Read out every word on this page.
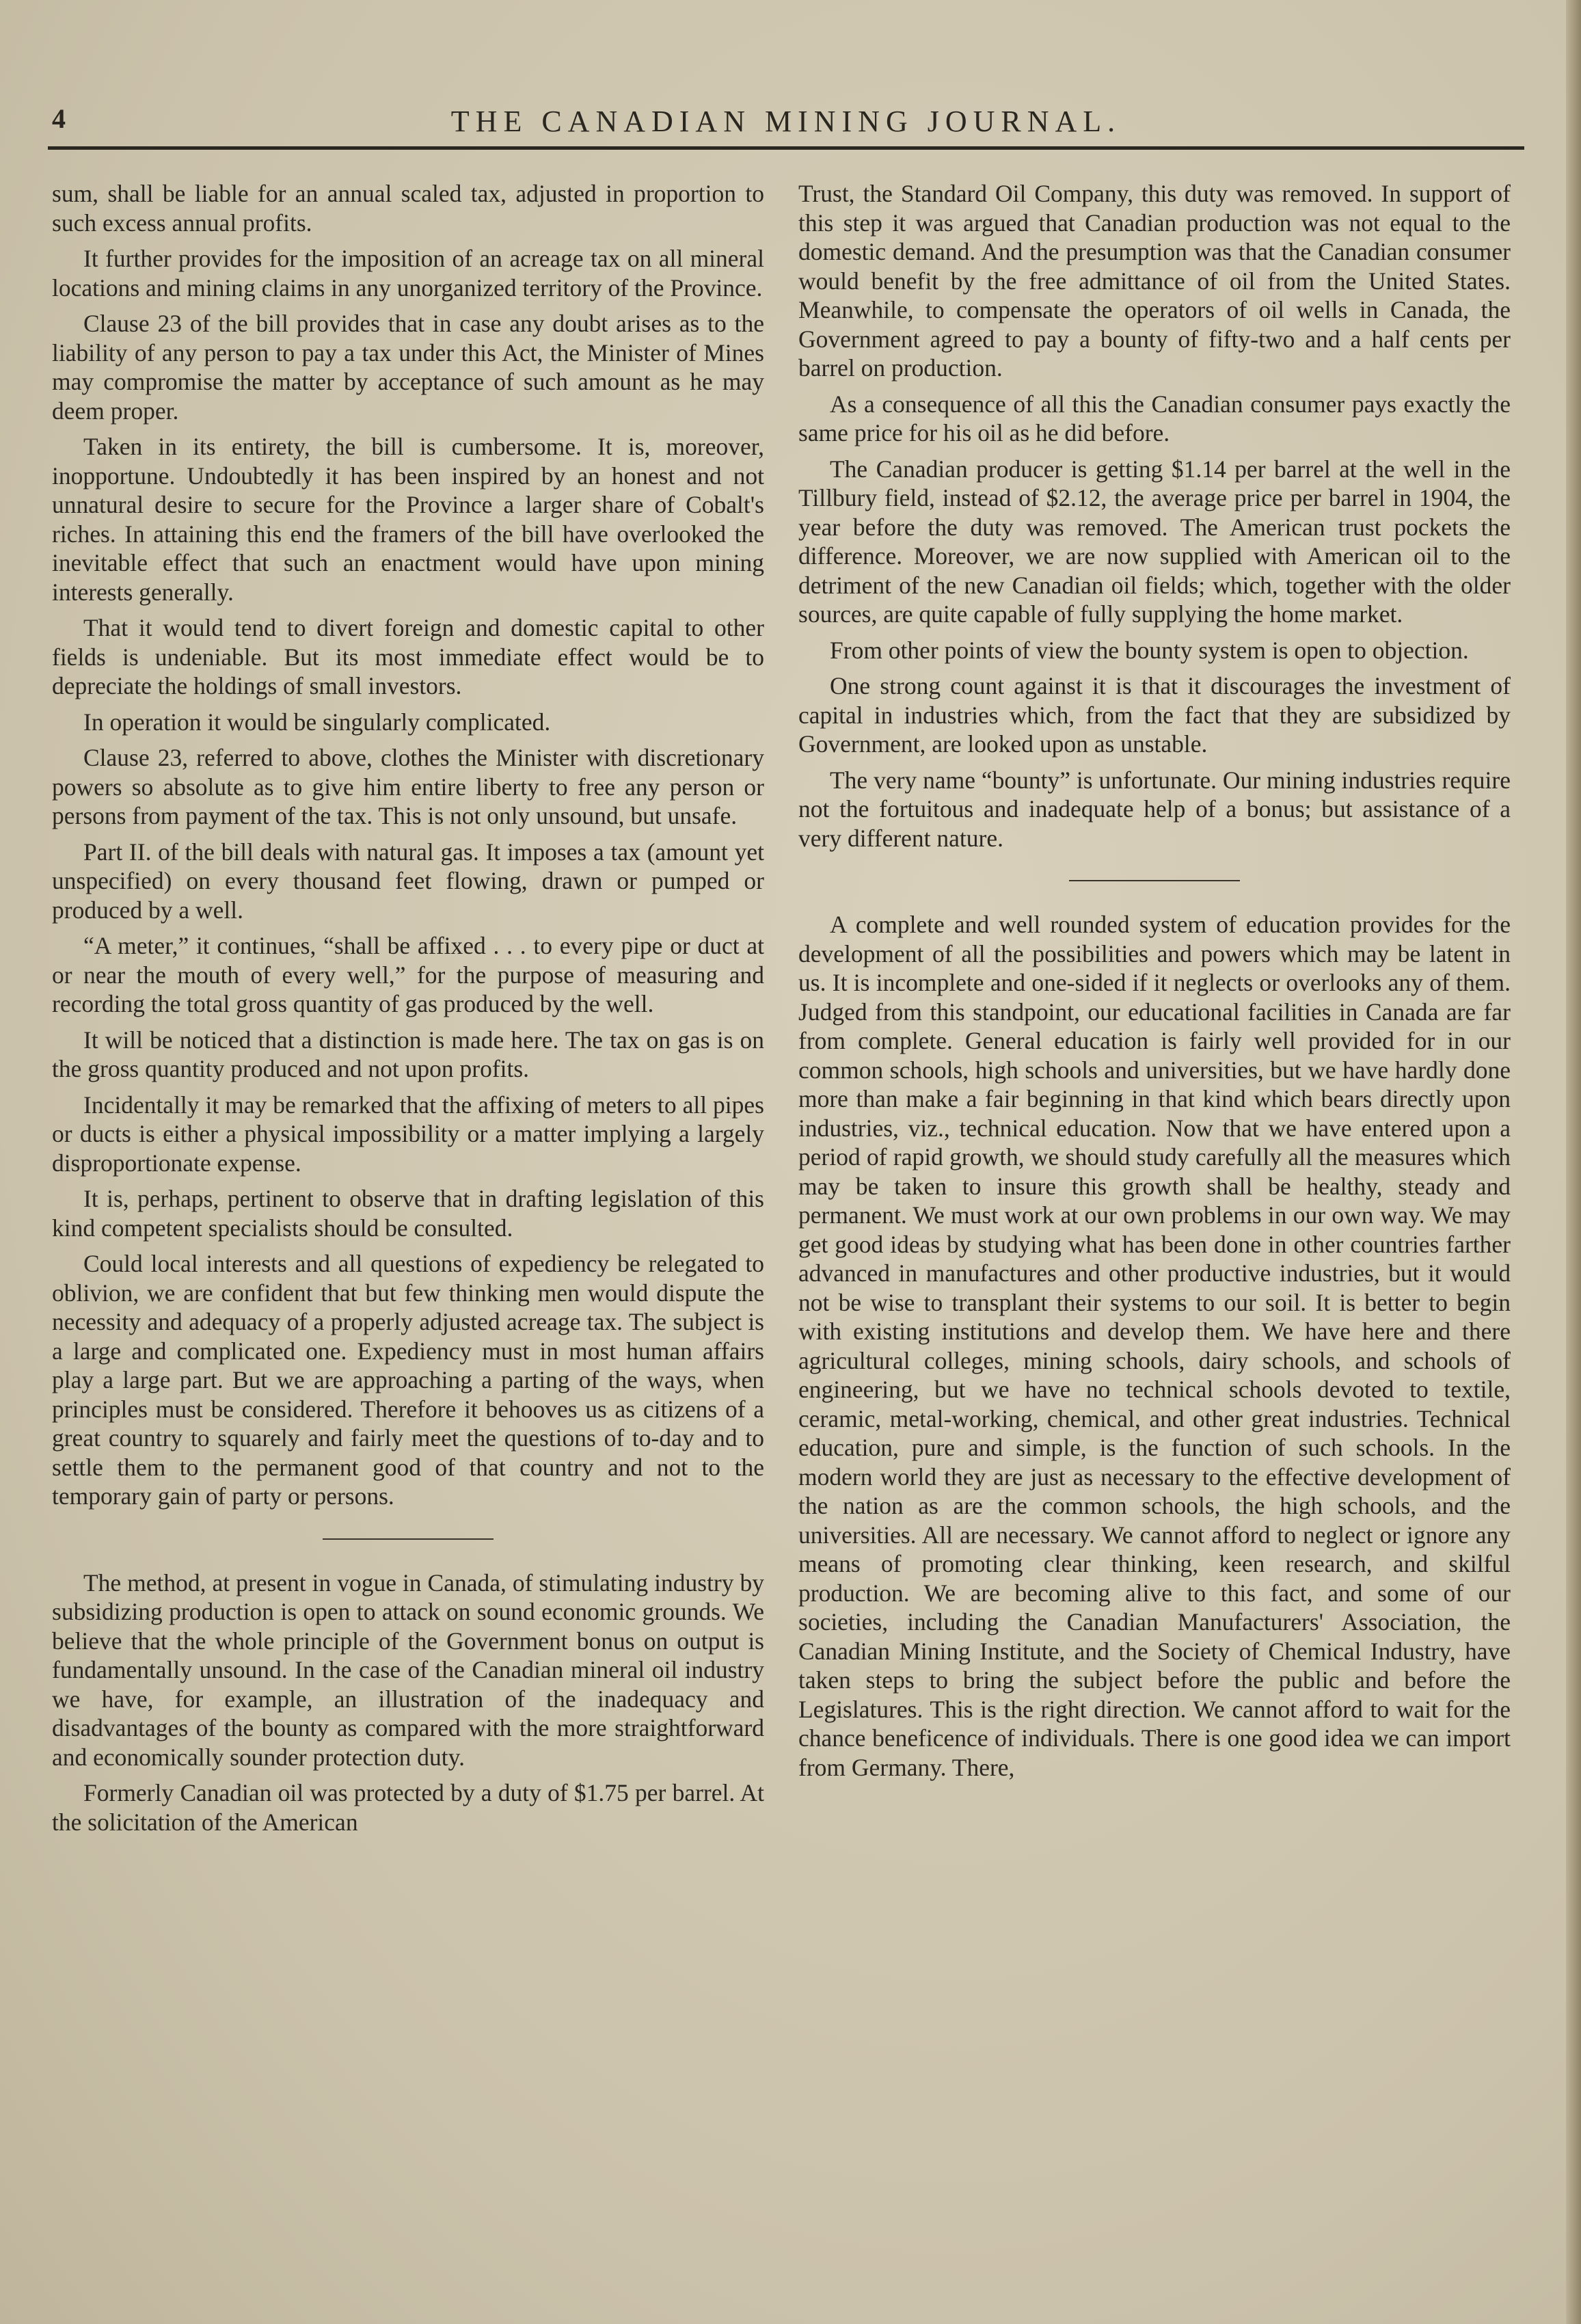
4	THE CANADIAN MINING JOURNAL.

sum, shall be liable for an annual scaled tax, adjusted in proportion to such excess annual profits.

It further provides for the imposition of an acreage tax on all mineral locations and mining claims in any unorganized territory of the Province.

Clause 23 of the bill provides that in case any doubt arises as to the liability of any person to pay a tax under this Act, the Minister of Mines may compromise the matter by acceptance of such amount as he may deem proper.

Taken in its entirety, the bill is cumbersome. It is, moreover, inopportune. Undoubtedly it has been inspired by an honest and not unnatural desire to secure for the Province a larger share of Cobalt's riches. In attaining this end the framers of the bill have overlooked the inevitable effect that such an enactment would have upon mining interests generally.

That it would tend to divert foreign and domestic capital to other fields is undeniable. But its most immediate effect would be to depreciate the holdings of small investors.

In operation it would be singularly complicated.

Clause 23, referred to above, clothes the Minister with discretionary powers so absolute as to give him entire liberty to free any person or persons from payment of the tax. This is not only unsound, but unsafe.

Part II. of the bill deals with natural gas. It imposes a tax (amount yet unspecified) on every thousand feet flowing, drawn or pumped or produced by a well.

“A meter,” it continues, “shall be affixed . . . to every pipe or duct at or near the mouth of every well,” for the purpose of measuring and recording the total gross quantity of gas produced by the well.

It will be noticed that a distinction is made here. The tax on gas is on the gross quantity produced and not upon profits.

Incidentally it may be remarked that the affixing of meters to all pipes or ducts is either a physical impossibility or a matter implying a largely disproportionate expense.

It is, perhaps, pertinent to observe that in drafting legislation of this kind competent specialists should be consulted.

Could local interests and all questions of expediency be relegated to oblivion, we are confident that but few thinking men would dispute the necessity and adequacy of a properly adjusted acreage tax. The subject is a large and complicated one. Expediency must in most human affairs play a large part. But we are approaching a parting of the ways, when principles must be considered. Therefore it behooves us as citizens of a great country to squarely and fairly meet the questions of to-day and to settle them to the permanent good of that country and not to the temporary gain of party or persons.

The method, at present in vogue in Canada, of stimulating industry by subsidizing production is open to attack on sound economic grounds. We believe that the whole principle of the Government bonus on output is fundamentally unsound. In the case of the Canadian mineral oil industry we have, for example, an illustration of the inadequacy and disadvantages of the bounty as compared with the more straightforward and economically sounder protection duty.

Formerly Canadian oil was protected by a duty of $1.75 per barrel. At the solicitation of the American

Trust, the Standard Oil Company, this duty was removed. In support of this step it was argued that Canadian production was not equal to the domestic demand. And the presumption was that the Canadian consumer would benefit by the free admittance of oil from the United States. Meanwhile, to compensate the operators of oil wells in Canada, the Government agreed to pay a bounty of fifty-two and a half cents per barrel on production.

As a consequence of all this the Canadian consumer pays exactly the same price for his oil as he did before.

The Canadian producer is getting $1.14 per barrel at the well in the Tillbury field, instead of $2.12, the average price per barrel in 1904, the year before the duty was removed. The American trust pockets the difference. Moreover, we are now supplied with American oil to the detriment of the new Canadian oil fields; which, together with the older sources, are quite capable of fully supplying the home market.

From other points of view the bounty system is open to objection.

One strong count against it is that it discourages the investment of capital in industries which, from the fact that they are subsidized by Government, are looked upon as unstable.

The very name “bounty” is unfortunate. Our mining industries require not the fortuitous and inadequate help of a bonus; but assistance of a very different nature.

A complete and well rounded system of education provides for the development of all the possibilities and powers which may be latent in us. It is incomplete and one-sided if it neglects or overlooks any of them. Judged from this standpoint, our educational facilities in Canada are far from complete. General education is fairly well provided for in our common schools, high schools and universities, but we have hardly done more than make a fair beginning in that kind which bears directly upon industries, viz., technical education. Now that we have entered upon a period of rapid growth, we should study carefully all the measures which may be taken to insure this growth shall be healthy, steady and permanent. We must work at our own problems in our own way. We may get good ideas by studying what has been done in other countries farther advanced in manufactures and other productive industries, but it would not be wise to transplant their systems to our soil. It is better to begin with existing institutions and develop them. We have here and there agricultural colleges, mining schools, dairy schools, and schools of engineering, but we have no technical schools devoted to textile, ceramic, metal-working, chemical, and other great industries. Technical education, pure and simple, is the function of such schools. In the modern world they are just as necessary to the effective development of the nation as are the common schools, the high schools, and the universities. All are necessary. We cannot afford to neglect or ignore any means of promoting clear thinking, keen research, and skilful production. We are becoming alive to this fact, and some of our societies, including the Canadian Manufacturers' Association, the Canadian Mining Institute, and the Society of Chemical Industry, have taken steps to bring the subject before the public and before the Legislatures. This is the right direction. We cannot afford to wait for the chance beneficence of individuals. There is one good idea we can import from Germany. There,
